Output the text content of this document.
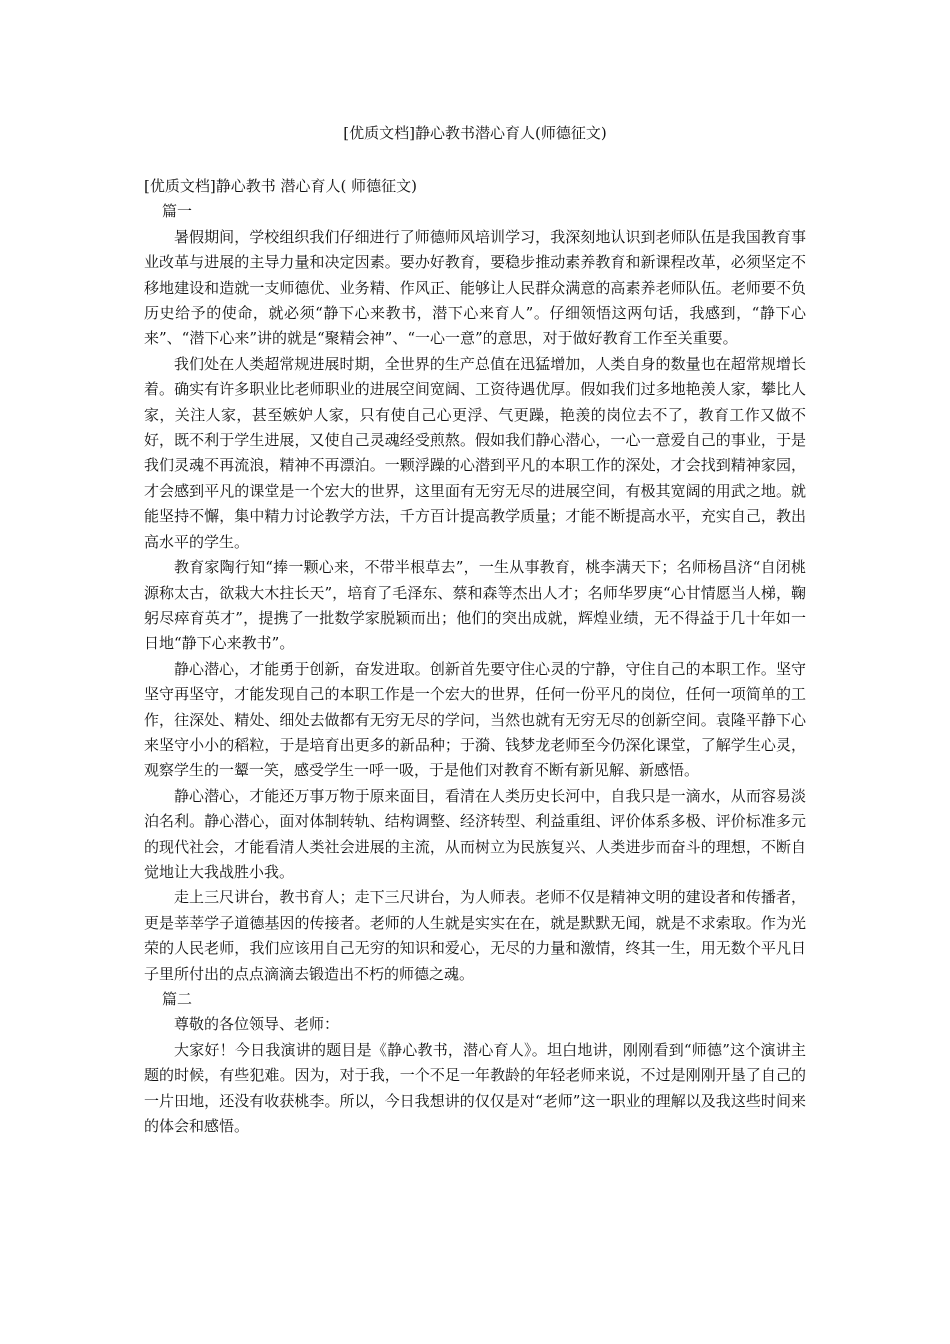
[优质文档]静心教书潜心育人(师德征文)
[优质文档]静心教书 潜心育人( 师德征文)
篇一

暑假期间，学校组织我们仔细进行了师德师风培训学习，我深刻地认识到老师队伍是我国教育事业改革与进展的主导力量和决定因素。要办好教育，要稳步推动素养教育和新课程改革，必须坚定不移地建设和造就一支师德优、业务精、作风正、能够让人民群众满意的高素养老师队伍。老师要不负历史给予的使命，就必须“静下心来教书，潜下心来育人”。仔细领悟这两句话，我感到，“静下心来”、“潜下心来”讲的就是“聚精会神”、“一心一意”的意思，对于做好教育工作至关重要。

我们处在人类超常规进展时期，全世界的生产总值在迅猛增加，人类自身的数量也在超常规增长着。确实有许多职业比老师职业的进展空间宽阔、工资待遇优厚。假如我们过多地艳羡人家，攀比人家，关注人家，甚至嫉妒人家，只有使自己心更浮、气更躁，艳羡的岗位去不了，教育工作又做不好，既不利于学生进展，又使自己灵魂经受煎熬。假如我们静心潜心，一心一意爱自己的事业，于是我们灵魂不再流浪，精神不再漂泊。一颗浮躁的心潜到平凡的本职工作的深处，才会找到精神家园，才会感到平凡的课堂是一个宏大的世界，这里面有无穷无尽的进展空间，有极其宽阔的用武之地。就能坚持不懈，集中精力讨论教学方法，千方百计提高教学质量；才能不断提高水平，充实自己，教出高水平的学生。

教育家陶行知“捧一颗心来，不带半根草去”，一生从事教育，桃李满天下；名师杨昌济“自闭桃源称太古，欲栽大木拄长天”，培育了毛泽东、蔡和森等杰出人才；名师华罗庚“心甘情愿当人梯，鞠躬尽瘁育英才”，提携了一批数学家脱颖而出；他们的突出成就，辉煌业绩，无不得益于几十年如一日地“静下心来教书”。

静心潜心，才能勇于创新，奋发进取。创新首先要守住心灵的宁静，守住自己的本职工作。坚守坚守再坚守，才能发现自己的本职工作是一个宏大的世界，任何一份平凡的岗位，任何一项简单的工作，往深处、精处、细处去做都有无穷无尽的学问，当然也就有无穷无尽的创新空间。袁隆平静下心来坚守小小的稻粒，于是培育出更多的新品种；于漪、钱梦龙老师至今仍深化课堂，了解学生心灵，观察学生的一颦一笑，感受学生一呼一吸，于是他们对教育不断有新见解、新感悟。

静心潜心，才能还万事万物于原来面目，看清在人类历史长河中，自我只是一滴水，从而容易淡泊名利。静心潜心，面对体制转轨、结构调整、经济转型、利益重组、评价体系多极、评价标准多元的现代社会，才能看清人类社会进展的主流，从而树立为民族复兴、人类进步而奋斗的理想，不断自觉地让大我战胜小我。

走上三尺讲台，教书育人；走下三尺讲台，为人师表。老师不仅是精神文明的建设者和传播者，更是莘莘学子道德基因的传接者。老师的人生就是实实在在，就是默默无闻，就是不求索取。作为光荣的人民老师，我们应该用自己无穷的知识和爱心，无尽的力量和激情，终其一生，用无数个平凡日子里所付出的点点滴滴去锻造出不朽的师德之魂。

篇二

尊敬的各位领导、老师：

大家好！今日我演讲的题目是《静心教书，潜心育人》。坦白地讲，刚刚看到“师德”这个演讲主题的时候，有些犯难。因为，对于我，一个不足一年教龄的年轻老师来说，不过是刚刚开垦了自己的一片田地，还没有收获桃李。所以，今日我想讲的仅仅是对“老师”这一职业的理解以及我这些时间来的体会和感悟。
